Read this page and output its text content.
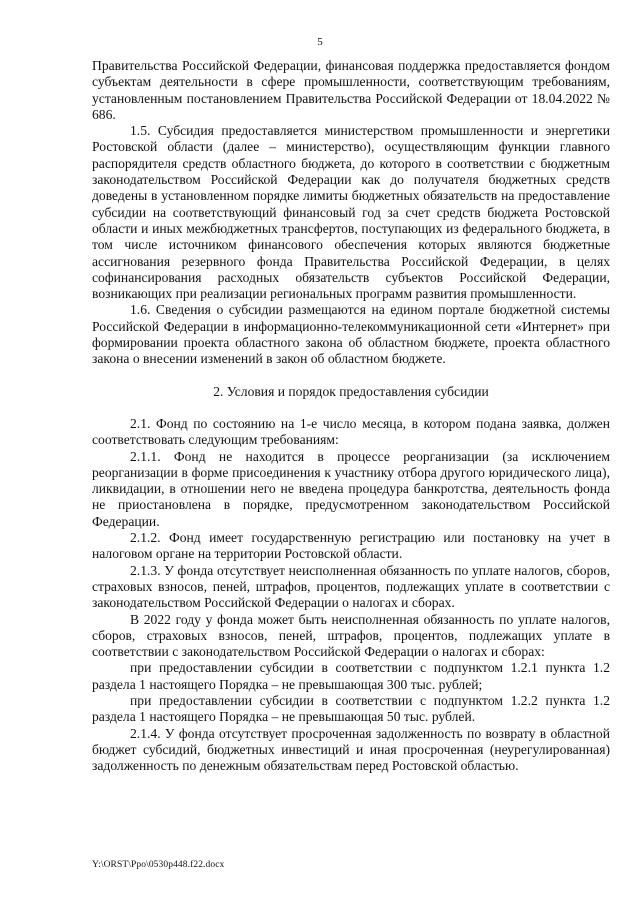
5

Правительства Российской Федерации, финансовая поддержка предоставляется фондом субъектам деятельности в сфере промышленности, соответствующим требованиям, установленным постановлением Правительства Российской Федерации от 18.04.2022 № 686.

1.5. Субсидия предоставляется министерством промышленности и энергетики Ростовской области (далее – министерство), осуществляющим функции главного распорядителя средств областного бюджета, до которого в соответствии с бюджетным законодательством Российской Федерации как до получателя бюджетных средств доведены в установленном порядке лимиты бюджетных обязательств на предоставление субсидии на соответствующий финансовый год за счет средств бюджета Ростовской области и иных межбюджетных трансфертов, поступающих из федерального бюджета, в том числе источником финансового обеспечения которых являются бюджетные ассигнования резервного фонда Правительства Российской Федерации, в целях софинансирования расходных обязательств субъектов Российской Федерации, возникающих при реализации региональных программ развития промышленности.

1.6. Сведения о субсидии размещаются на едином портале бюджетной системы Российской Федерации в информационно-телекоммуникационной сети «Интернет» при формировании проекта областного закона об областном бюджете, проекта областного закона о внесении изменений в закон об областном бюджете.

2. Условия и порядок предоставления субсидии

2.1. Фонд по состоянию на 1-е число месяца, в котором подана заявка, должен соответствовать следующим требованиям:

2.1.1. Фонд не находится в процессе реорганизации (за исключением реорганизации в форме присоединения к участнику отбора другого юридического лица), ликвидации, в отношении него не введена процедура банкротства, деятельность фонда не приостановлена в порядке, предусмотренном законодательством Российской Федерации.

2.1.2. Фонд имеет государственную регистрацию или постановку на учет в налоговом органе на территории Ростовской области.

2.1.3. У фонда отсутствует неисполненная обязанность по уплате налогов, сборов, страховых взносов, пеней, штрафов, процентов, подлежащих уплате в соответствии с законодательством Российской Федерации о налогах и сборах.

В 2022 году у фонда может быть неисполненная обязанность по уплате налогов, сборов, страховых взносов, пеней, штрафов, процентов, подлежащих уплате в соответствии с законодательством Российской Федерации о налогах и сборах:

при предоставлении субсидии в соответствии с подпунктом 1.2.1 пункта 1.2 раздела 1 настоящего Порядка – не превышающая 300 тыс. рублей;

при предоставлении субсидии в соответствии с подпунктом 1.2.2 пункта 1.2 раздела 1 настоящего Порядка – не превышающая 50 тыс. рублей.

2.1.4. У фонда отсутствует просроченная задолженность по возврату в областной бюджет субсидий, бюджетных инвестиций и иная просроченная (неурегулированная) задолженность по денежным обязательствам перед Ростовской областью.

Y:\ORST\Ppo\0530p448.f22.docx
